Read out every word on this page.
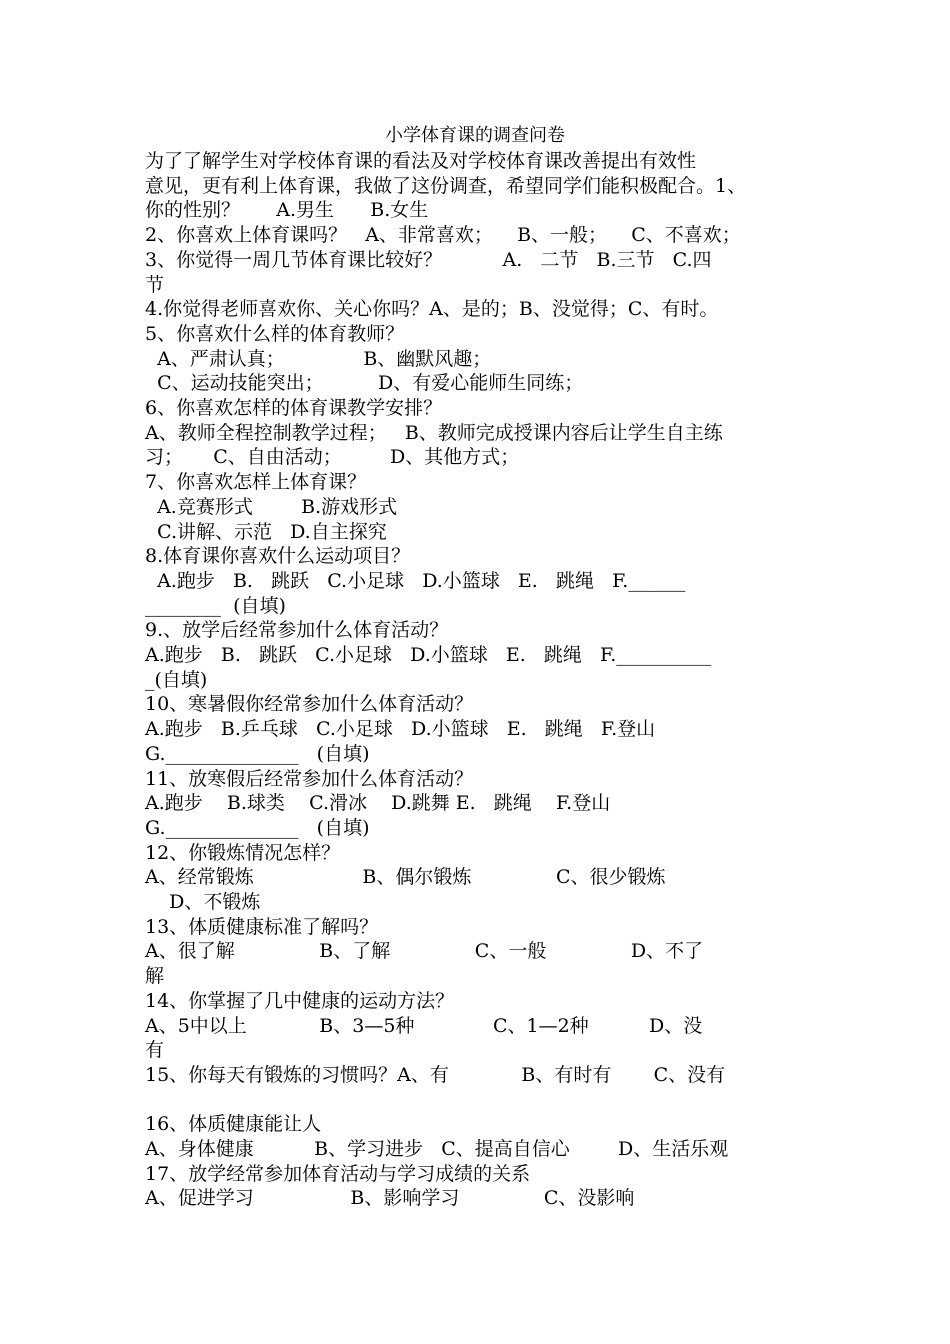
小学体育课的调查问卷
为了了解学生对学校体育课的看法及对学校体育课改善提出有效性
意见，更有利上体育课，我做了这份调查，希望同学们能积极配合。1、
你的性别？      A.男生      B.女生
2、你喜欢上体育课吗？   A、非常喜欢；    B、一般；    C、不喜欢；
3、你觉得一周几节体育课比较好？          A.   二节   B.三节   C.四
节
4.你觉得老师喜欢你、关心你吗？A、是的；B、没觉得；C、有时。
5、你喜欢什么样的体育教师？
A、严肃认真；             B、幽默风趣；
C、运动技能突出；         D、有爱心能师生同练；
6、你喜欢怎样的体育课教学安排？
A、教师全程控制教学过程；   B、教师完成授课内容后让学生自主练
习；     C、自由活动；        D、其他方式；
7、你喜欢怎样上体育课？
A.竞赛形式        B.游戏形式
C.讲解、示范   D.自主探究
8.体育课你喜欢什么运动项目？
A.跑步   B.   跳跃   C.小足球   D.小篮球   E.   跳绳   F.______
________  (自填)
9.、放学后经常参加什么体育活动？
A.跑步   B.   跳跃   C.小足球   D.小篮球   E.   跳绳   F.__________
_(自填)
10、寒暑假你经常参加什么体育活动？
A.跑步   B.乒乓球   C.小足球   D.小篮球   E.   跳绳   F.登山
G.______________   (自填)
11、放寒假后经常参加什么体育活动？
A.跑步    B.球类    C.滑冰    D.跳舞 E.   跳绳    F.登山
G.______________   (自填)
12、你锻炼情况怎样？
A、经常锻炼                  B、偶尔锻炼              C、很少锻炼
D、不锻炼
13、体质健康标准了解吗？
A、很了解              B、了解              C、一般              D、不了
解
14、你掌握了几中健康的运动方法？
A、5中以上            B、3—5种             C、1—2种          D、没
有
15、你每天有锻炼的习惯吗？A、有            B、有时有       C、没有
16、体质健康能让人
A、身体健康          B、学习进步   C、提高自信心        D、生活乐观
17、放学经常参加体育活动与学习成绩的关系
A、促进学习                B、影响学习              C、没影响
